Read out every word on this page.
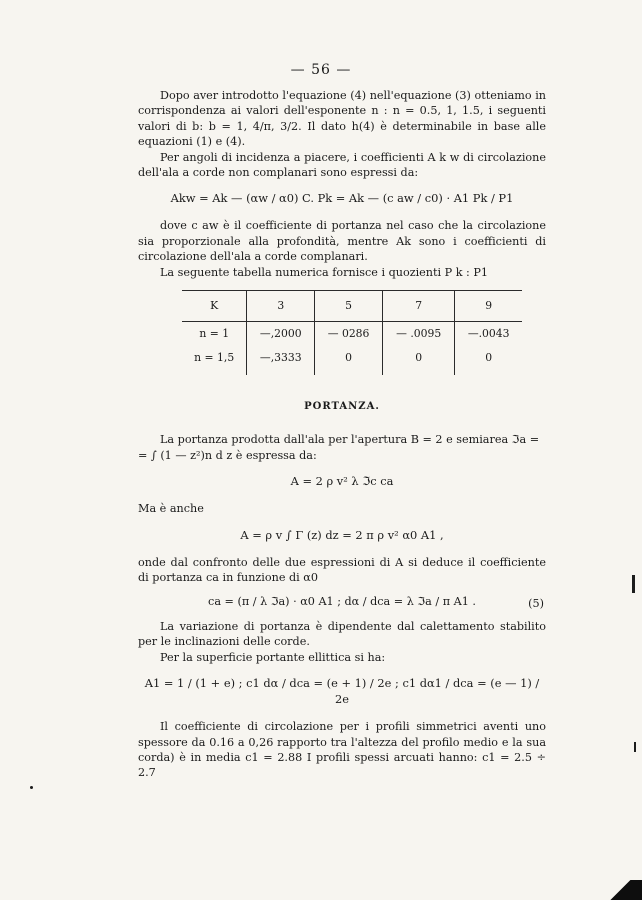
— 56 —

Dopo aver introdotto l'equazione (4) nell'equazione (3) otteniamo in corrispondenza ai valori dell'esponente n : n = 0.5, 1, 1.5, i seguenti valori di b: b = 1, 4/π, 3/2. Il dato h(4) è determinabile in base alle equazioni (1) e (4).

Per angoli di incidenza a piacere, i coefficienti A k w di circolazione dell'ala a corde non complanari sono espressi da:

Akw = Ak — (αw / α0) C. Pk = Ak — (c aw / c0) · A1 Pk / P1

dove c aw è il coefficiente di portanza nel caso che la circolazione sia proporzionale alla profondità, mentre Ak sono i coefficienti di circolazione dell'ala a corde complanari.

La seguente tabella numerica fornisce i quozienti P k : P1

K	3	5	7	9
n = 1	—,2000	— 0286	— .0095	—.0043
n = 1,5	—,3333	0	0	0
PORTANZA.

La portanza prodotta dall'ala per l'apertura B = 2 e semiarea ℑa =

= ∫ (1 — z²)n d z è espressa da:

A = 2 ρ v² λ ℑc ca

Ma è anche

A = ρ v ∫ Γ (z) dz = 2 π ρ v² α0 A1 ,

onde dal confronto delle due espressioni di A si deduce il coefficiente di portanza ca in funzione di α0

ca = (π / λ ℑa) · α0 A1 ; dα / dca = λ ℑa / π A1 .	(5)

La variazione di portanza è dipendente dal calettamento stabilito per le inclinazioni delle corde.

Per la superficie portante ellittica si ha:

A1 = 1 / (1 + e) ; c1 dα / dca = (e + 1) / 2e ; c1 dα1 / dca = (e — 1) / 2e

Il coefficiente di circolazione per i profili simmetrici aventi uno spessore da 0.16 a 0,26 rapporto tra l'altezza del profilo medio e la sua corda) è in media c1 = 2.88 I profili spessi arcuati hanno: c1 = 2.5 ÷ 2.7
